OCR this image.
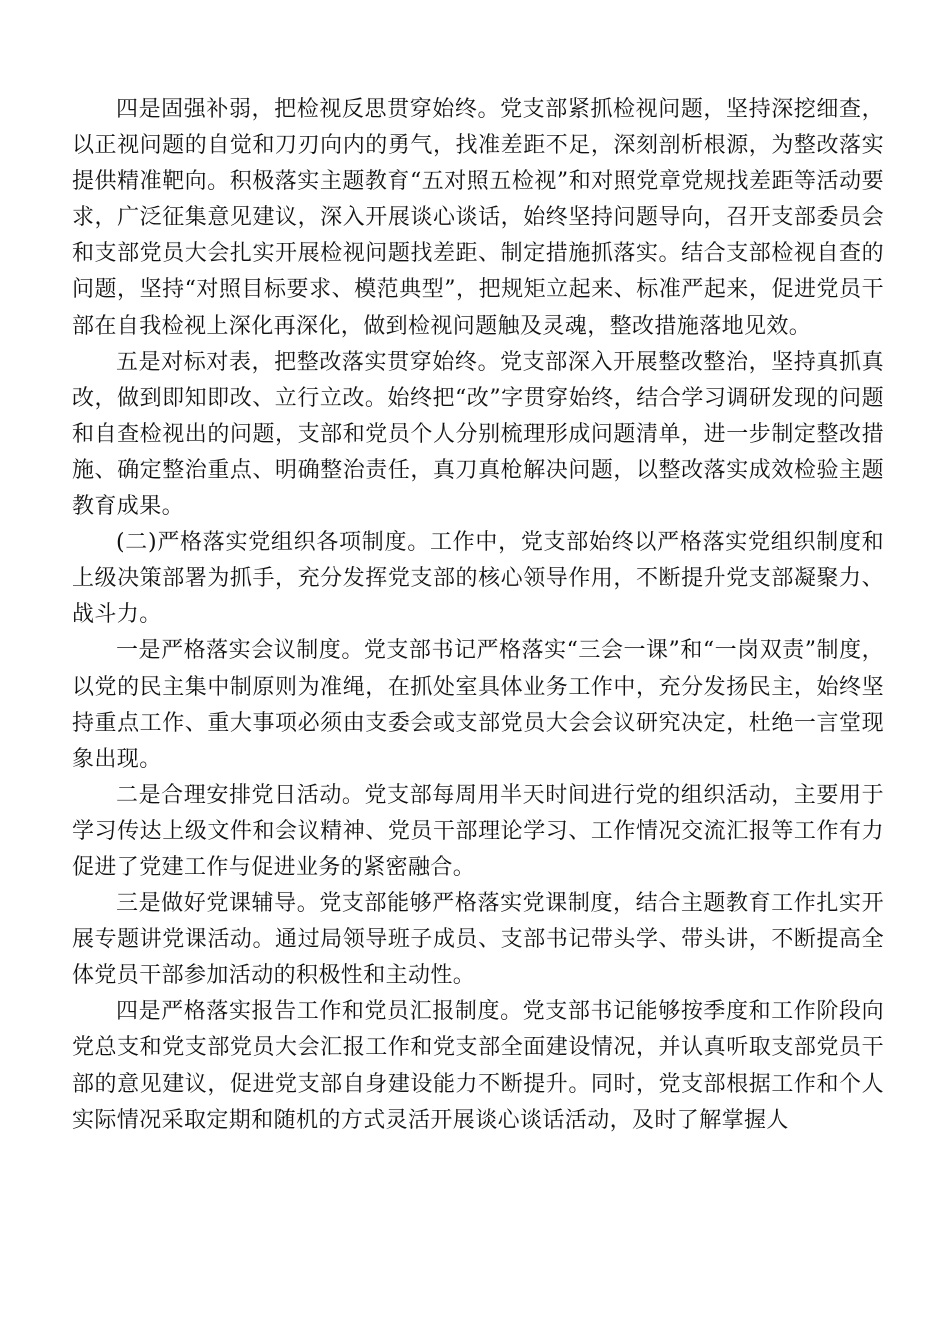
四是固强补弱，把检视反思贯穿始终。党支部紧抓检视问题，坚持深挖细查，以正视问题的自觉和刀刃向内的勇气，找准差距不足，深刻剖析根源，为整改落实提供精准靶向。积极落实主题教育“五对照五检视”和对照党章党规找差距等活动要求，广泛征集意见建议，深入开展谈心谈话，始终坚持问题导向，召开支部委员会和支部党员大会扎实开展检视问题找差距、制定措施抓落实。结合支部检视自查的问题，坚持“对照目标要求、模范典型”，把规矩立起来、标准严起来，促进党员干部在自我检视上深化再深化，做到检视问题触及灵魂，整改措施落地见效。

五是对标对表，把整改落实贯穿始终。党支部深入开展整改整治，坚持真抓真改，做到即知即改、立行立改。始终把“改”字贯穿始终，结合学习调研发现的问题和自查检视出的问题，支部和党员个人分别梳理形成问题清单，进一步制定整改措施、确定整治重点、明确整治责任，真刀真枪解决问题，以整改落实成效检验主题教育成果。

(二)严格落实党组织各项制度。工作中，党支部始终以严格落实党组织制度和上级决策部署为抓手，充分发挥党支部的核心领导作用，不断提升党支部凝聚力、战斗力。

一是严格落实会议制度。党支部书记严格落实“三会一课”和“一岗双责”制度，以党的民主集中制原则为准绳，在抓处室具体业务工作中，充分发扬民主，始终坚持重点工作、重大事项必须由支委会或支部党员大会会议研究决定，杜绝一言堂现象出现。

二是合理安排党日活动。党支部每周用半天时间进行党的组织活动，主要用于学习传达上级文件和会议精神、党员干部理论学习、工作情况交流汇报等工作有力促进了党建工作与促进业务的紧密融合。

三是做好党课辅导。党支部能够严格落实党课制度，结合主题教育工作扎实开展专题讲党课活动。通过局领导班子成员、支部书记带头学、带头讲，不断提高全体党员干部参加活动的积极性和主动性。

四是严格落实报告工作和党员汇报制度。党支部书记能够按季度和工作阶段向党总支和党支部党员大会汇报工作和党支部全面建设情况，并认真听取支部党员干部的意见建议，促进党支部自身建设能力不断提升。同时，党支部根据工作和个人实际情况采取定期和随机的方式灵活开展谈心谈话活动，及时了解掌握人
